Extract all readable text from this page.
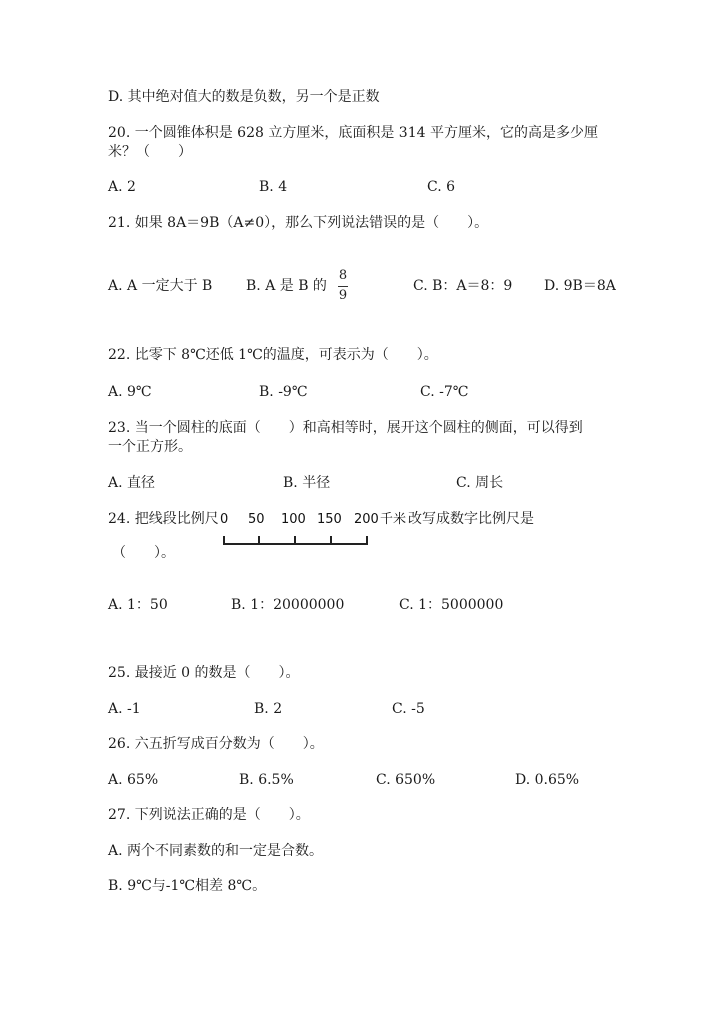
D. 其中绝对值大的数是负数，另一个是正数
20. 一个圆锥体积是 628 立方厘米，底面积是 314 平方厘米，它的高是多少厘
米？（　　）
A. 2	B. 4	C. 6
21. 如果 8A＝9B（A≠0），那么下列说法错误的是（　　）。
A. A 一定大于 B B. A 是 B 的
8
9
C. B：A＝8：9 D. 9B＝8A
22. 比零下 8℃还低 1℃的温度，可表示为（　　）。
A. 9℃	B. -9℃	C. -7℃
23. 当一个圆柱的底面（　　）和高相等时，展开这个圆柱的侧面，可以得到
一个正方形。
A. 直径	B. 半径	C. 周长
24. 把线段比例尺 0 50 100 150 200 千米 改写成数字比例尺是
（　　）。
A. 1：50	B. 1：20000000	C. 1：5000000
25. 最接近 0 的数是（　　）。
A. -1	B. 2	C. -5
26. 六五折写成百分数为（　　）。
A. 65%	B. 6.5%	C. 650%	D. 0.65%
27. 下列说法正确的是（　　）。
A. 两个不同素数的和一定是合数。
B. 9℃与-1℃相差 8℃。
